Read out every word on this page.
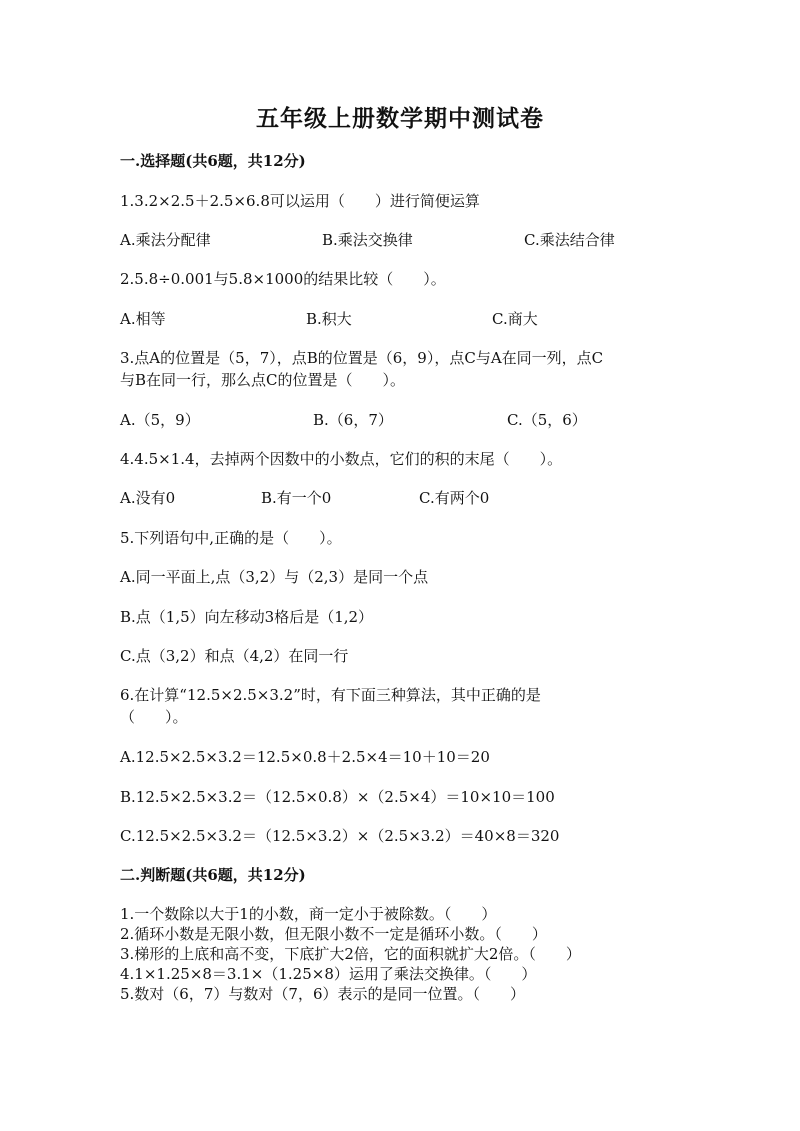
五年级上册数学期中测试卷
一.选择题(共6题，共12分)
1.3.2×2.5＋2.5×6.8可以运用（　　）进行简便运算
A.乘法分配律	B.乘法交换律	C.乘法结合律
2.5.8÷0.001与5.8×1000的结果比较（　　）。
A.相等	B.积大	C.商大
3.点A的位置是（5，7），点B的位置是（6，9），点C与A在同一列，点C
与B在同一行，那么点C的位置是（　　）。
A.（5，9）	B.（6，7）	C.（5，6）
4.4.5×1.4，去掉两个因数中的小数点，它们的积的末尾（　　）。
A.没有0	B.有一个0	C.有两个0
5.下列语句中,正确的是（　　）。
A.同一平面上,点（3,2）与（2,3）是同一个点
B.点（1,5）向左移动3格后是（1,2）
C.点（3,2）和点（4,2）在同一行
6.在计算“12.5×2.5×3.2”时，有下面三种算法，其中正确的是
（　　）。
A.12.5×2.5×3.2＝12.5×0.8＋2.5×4＝10＋10＝20
B.12.5×2.5×3.2＝（12.5×0.8）×（2.5×4）＝10×10＝100
C.12.5×2.5×3.2＝（12.5×3.2）×（2.5×3.2）＝40×8＝320
二.判断题(共6题，共12分)
1.一个数除以大于1的小数，商一定小于被除数。（　　）
2.循环小数是无限小数，但无限小数不一定是循环小数。（　　）
3.梯形的上底和高不变，下底扩大2倍，它的面积就扩大2倍。（　　）
4.1×1.25×8＝3.1×（1.25×8）运用了乘法交换律。（　　）
5.数对（6，7）与数对（7，6）表示的是同一位置。（　　）
